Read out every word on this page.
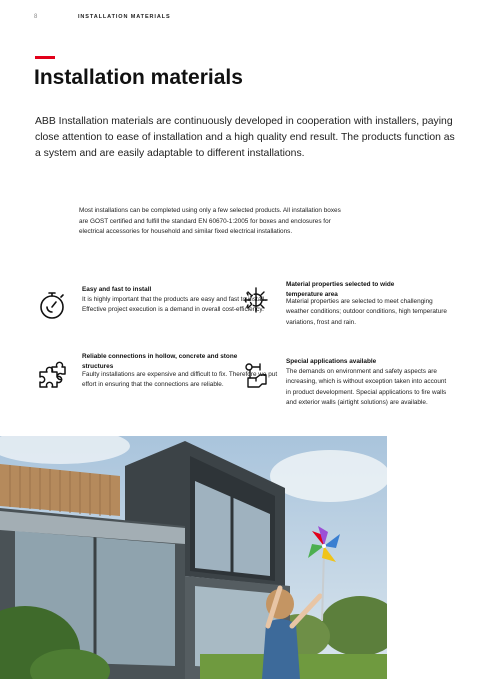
8	INSTALLATION MATERIALS
Installation materials

ABB Installation materials are continuously developed in cooperation with installers, paying close attention to ease of installation and a high quality end result. The products function as a system and are easily adaptable to different installations.

Most installations can be completed using only a few selected products. All installation boxes are GOST certified and fulfill the standard EN 60670-1:2005 for boxes and enclosures for electrical accessories for household and similar fixed electrical installations.

Easy and fast to install
It is highly important that the products are easy and fast to install. Effective project execution is a demand in overall cost-efficiency.
Material properties selected to wide temperature area
Material properties are selected to meet challenging weather conditions; outdoor conditions, high temperature variations, frost and rain.
Reliable connections in hollow, concrete and stone structures
Faulty installations are expensive and difficult to fix. Therefore we put effort in ensuring that the connections are reliable.
Special applications available
The demands on environment and safety aspects are increasing, which is without exception taken into account in product development. Special applications to fire walls and exterior walls (airtight solutions) are available.
